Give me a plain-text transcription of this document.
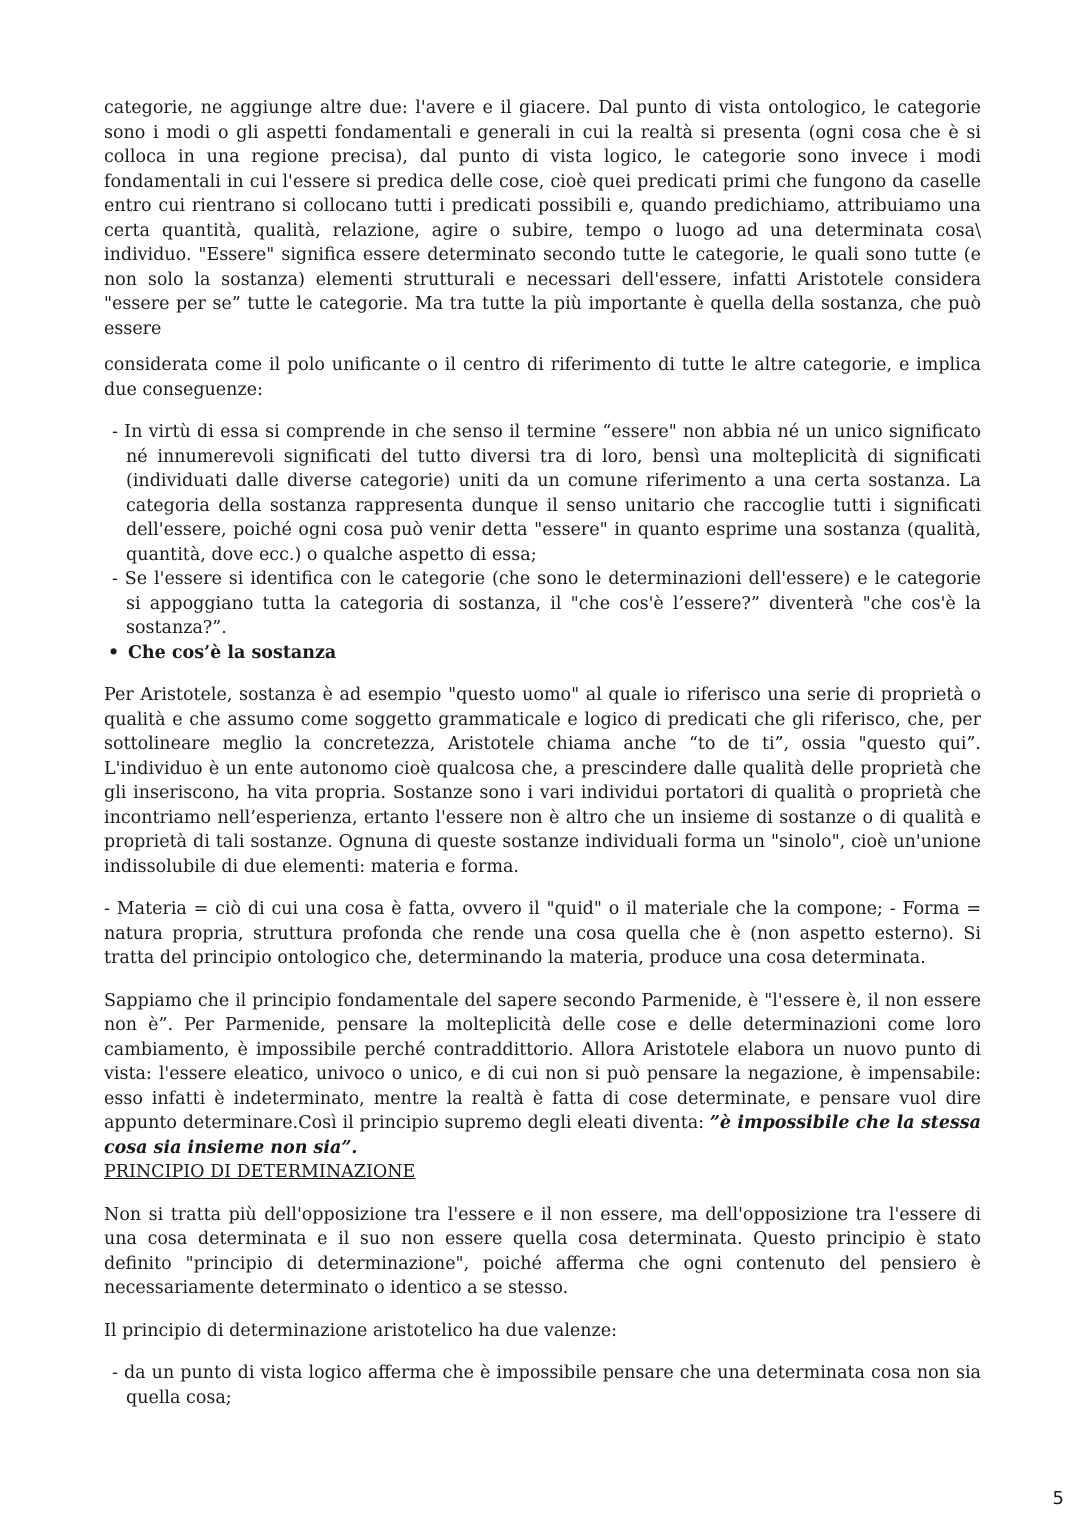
categorie, ne aggiunge altre due: l'avere e il giacere. Dal punto di vista ontologico, le categorie sono i modi o gli aspetti fondamentali e generali in cui la realtà si presenta (ogni cosa che è si colloca in una regione precisa), dal punto di vista logico, le categorie sono invece i modi fondamentali in cui l'essere si predica delle cose, cioè quei predicati primi che fungono da caselle entro cui rientrano si collocano tutti i predicati possibili e, quando predichiamo, attribuiamo una certa quantità, qualità, relazione, agire o subire, tempo o luogo ad una determinata cosa\ individuo. "Essere" significa essere determinato secondo tutte le categorie, le quali sono tutte (e non solo la sostanza) elementi strutturali e necessari dell'essere, infatti Aristotele considera "essere per se” tutte le categorie. Ma tra tutte la più importante è quella della sostanza, che può essere

considerata come il polo unificante o il centro di riferimento di tutte le altre categorie, e implica due conseguenze:

- In virtù di essa si comprende in che senso il termine “essere" non abbia né un unico significato né innumerevoli significati del tutto diversi tra di loro, bensì una molteplicità di significati (individuati dalle diverse categorie) uniti da un comune riferimento a una certa sostanza. La categoria della sostanza rappresenta dunque il senso unitario che raccoglie tutti i significati dell'essere, poiché ogni cosa può venir detta "essere" in quanto esprime una sostanza (qualità, quantità, dove ecc.) o qualche aspetto di essa;

- Se l'essere si identifica con le categorie (che sono le determinazioni dell'essere) e le categorie si appoggiano tutta la categoria di sostanza, il "che cos'è l’essere?” diventerà "che cos'è la sostanza?”.

• Che cos’è la sostanza

Per Aristotele, sostanza è ad esempio "questo uomo" al quale io riferisco una serie di proprietà o qualità e che assumo come soggetto grammaticale e logico di predicati che gli riferisco, che, per sottolineare meglio la concretezza, Aristotele chiama anche “to de ti”, ossia "questo qui”. L'individuo è un ente autonomo cioè qualcosa che, a prescindere dalle qualità delle proprietà che gli inseriscono, ha vita propria. Sostanze sono i vari individui portatori di qualità o proprietà che incontriamo nell’esperienza, ertanto l'essere non è altro che un insieme di sostanze o di qualità e proprietà di tali sostanze. Ognuna di queste sostanze individuali forma un "sinolo", cioè un'unione indissolubile di due elementi: materia e forma.

- Materia = ciò di cui una cosa è fatta, ovvero il "quid" o il materiale che la compone; - Forma = natura propria, struttura profonda che rende una cosa quella che è (non aspetto esterno). Si tratta del principio ontologico che, determinando la materia, produce una cosa determinata.

Sappiamo che il principio fondamentale del sapere secondo Parmenide, è "l'essere è, il non essere non è”. Per Parmenide, pensare la molteplicità delle cose e delle determinazioni come loro cambiamento, è impossibile perché contraddittorio. Allora Aristotele elabora un nuovo punto di vista: l'essere eleatico, univoco o unico, e di cui non si può pensare la negazione, è impensabile: esso infatti è indeterminato, mentre la realtà è fatta di cose determinate, e pensare vuol dire appunto determinare.Così il principio supremo degli eleati diventa: ”è impossibile che la stessa cosa sia insieme non sia”.

PRINCIPIO DI DETERMINAZIONE

Non si tratta più dell'opposizione tra l'essere e il non essere, ma dell'opposizione tra l'essere di una cosa determinata e il suo non essere quella cosa determinata. Questo principio è stato definito "principio di determinazione", poiché afferma che ogni contenuto del pensiero è necessariamente determinato o identico a se stesso.

Il principio di determinazione aristotelico ha due valenze:

- da un punto di vista logico afferma che è impossibile pensare che una determinata cosa non sia quella cosa;

5
